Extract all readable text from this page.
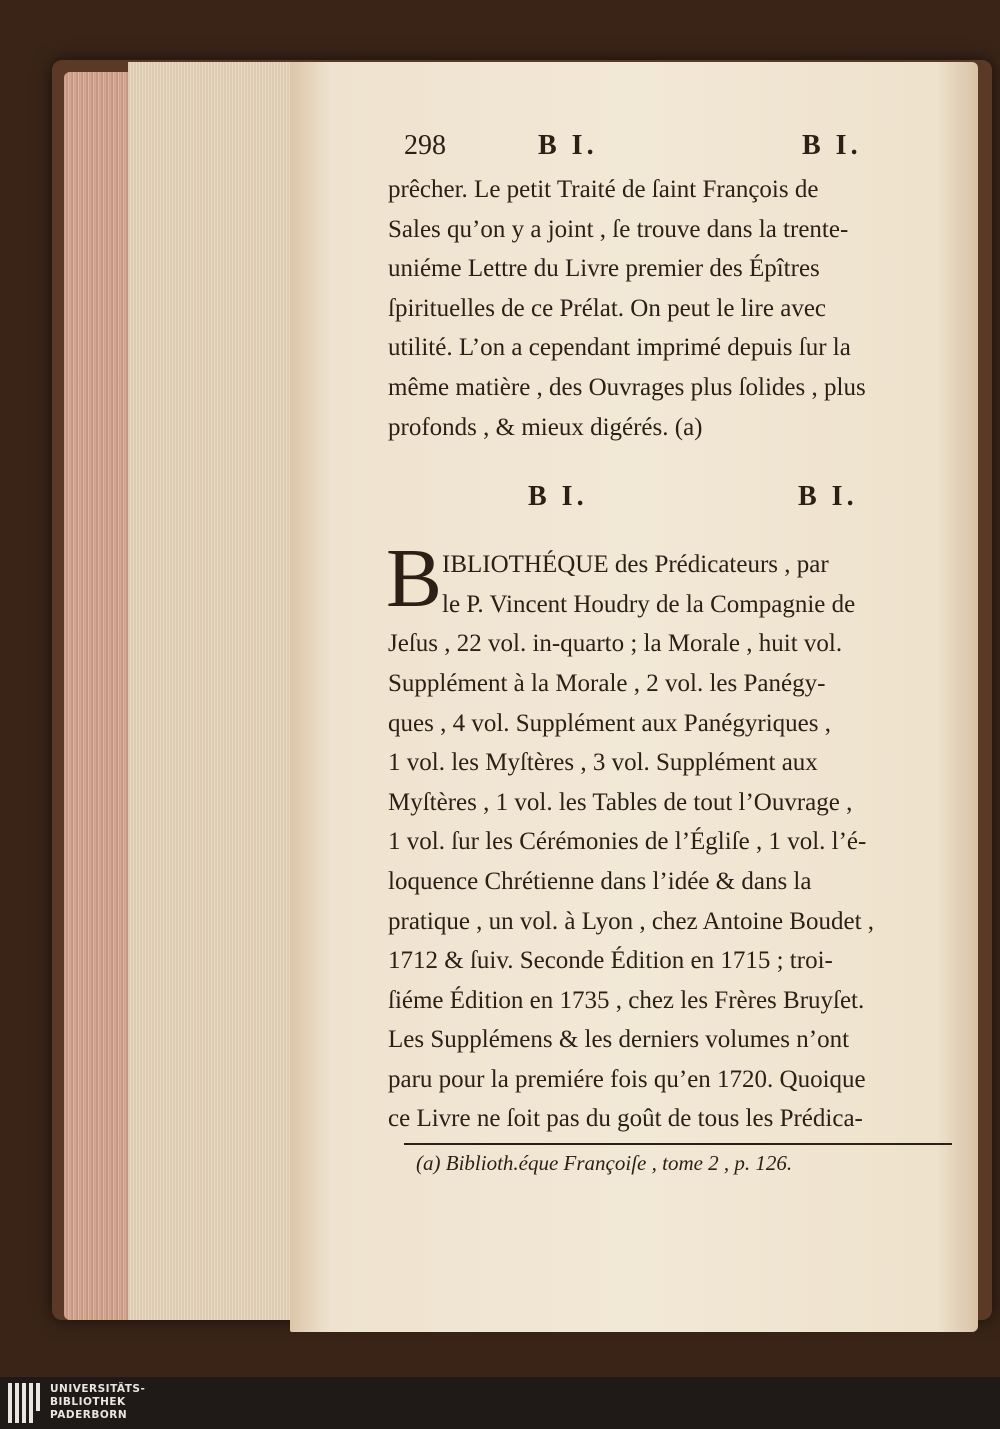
298	B I.	B I.

prêcher. Le petit Traité de ſaint François de
Sales qu’on y a joint , ſe trouve dans la trente-
uniéme Lettre du Livre premier des Épîtres
ſpirituelles de ce Prélat. On peut le lire avec
utilité. L’on a cependant imprimé depuis ſur la
même matière , des Ouvrages plus ſolides , plus
profonds , & mieux digérés. (a)

B I.	B I.
B IBLIOTHÉQUE des Prédicateurs , par
le P. Vincent Houdry de la Compagnie de
Jeſus , 22 vol. in-quarto ; la Morale , huit vol.
Supplément à la Morale , 2 vol. les Panégy-
ques , 4 vol. Supplément aux Panégyriques ,
1 vol. les Myſtères , 3 vol. Supplément aux
Myſtères , 1 vol. les Tables de tout l’Ouvrage ,
1 vol. ſur les Cérémonies de l’Égliſe , 1 vol. l’é-
loquence Chrétienne dans l’idée & dans la
pratique , un vol. à Lyon , chez Antoine Boudet ,
1712 & ſuiv. Seconde Édition en 1715 ; troi-
ſiéme Édition en 1735 , chez les Frères Bruyſet.
Les Supplémens & les derniers volumes n’ont
paru pour la premiére fois qu’en 1720. Quoique
ce Livre ne ſoit pas du goût de tous les Prédica-

(a) Biblioth.éque Françoiſe , tome 2 , p. 126.
UNIVERSITÄTS-
BIBLIOTHEK
PADERBORN
